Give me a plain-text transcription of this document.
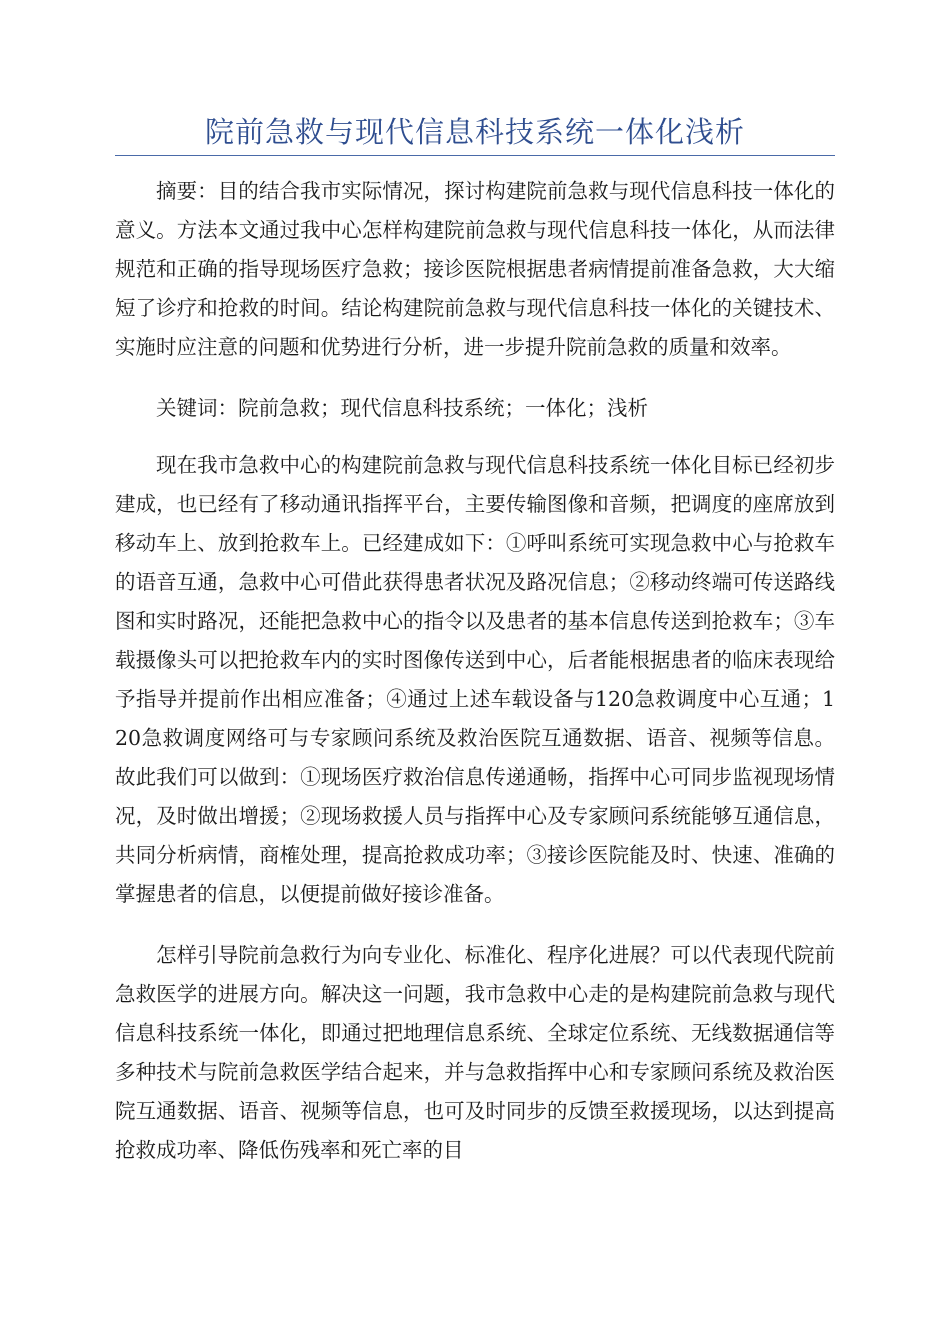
院前急救与现代信息科技系统一体化浅析

摘要：目的结合我市实际情况，探讨构建院前急救与现代信息科技一体化的意义。方法本文通过我中心怎样构建院前急救与现代信息科技一体化，从而法律规范和正确的指导现场医疗急救；接诊医院根据患者病情提前准备急救，大大缩短了诊疗和抢救的时间。结论构建院前急救与现代信息科技一体化的关键技术、实施时应注意的问题和优势进行分析，进一步提升院前急救的质量和效率。

关键词：院前急救；现代信息科技系统；一体化；浅析

现在我市急救中心的构建院前急救与现代信息科技系统一体化目标已经初步建成，也已经有了移动通讯指挥平台，主要传输图像和音频，把调度的座席放到移动车上、放到抢救车上。已经建成如下：①呼叫系统可实现急救中心与抢救车的语音互通，急救中心可借此获得患者状况及路况信息；②移动终端可传送路线图和实时路况，还能把急救中心的指令以及患者的基本信息传送到抢救车；③车载摄像头可以把抢救车内的实时图像传送到中心，后者能根据患者的临床表现给予指导并提前作出相应准备；④通过上述车载设备与120急救调度中心互通；120急救调度网络可与专家顾问系统及救治医院互通数据、语音、视频等信息。故此我们可以做到：①现场医疗救治信息传递通畅，指挥中心可同步监视现场情况，及时做出增援；②现场救援人员与指挥中心及专家顾问系统能够互通信息，共同分析病情，商榷处理，提高抢救成功率；③接诊医院能及时、快速、准确的掌握患者的信息，以便提前做好接诊准备。

怎样引导院前急救行为向专业化、标准化、程序化进展？可以代表现代院前急救医学的进展方向。解决这一问题，我市急救中心走的是构建院前急救与现代信息科技系统一体化，即通过把地理信息系统、全球定位系统、无线数据通信等多种技术与院前急救医学结合起来，并与急救指挥中心和专家顾问系统及救治医院互通数据、语音、视频等信息，也可及时同步的反馈至救援现场，以达到提高抢救成功率、降低伤残率和死亡率的目
